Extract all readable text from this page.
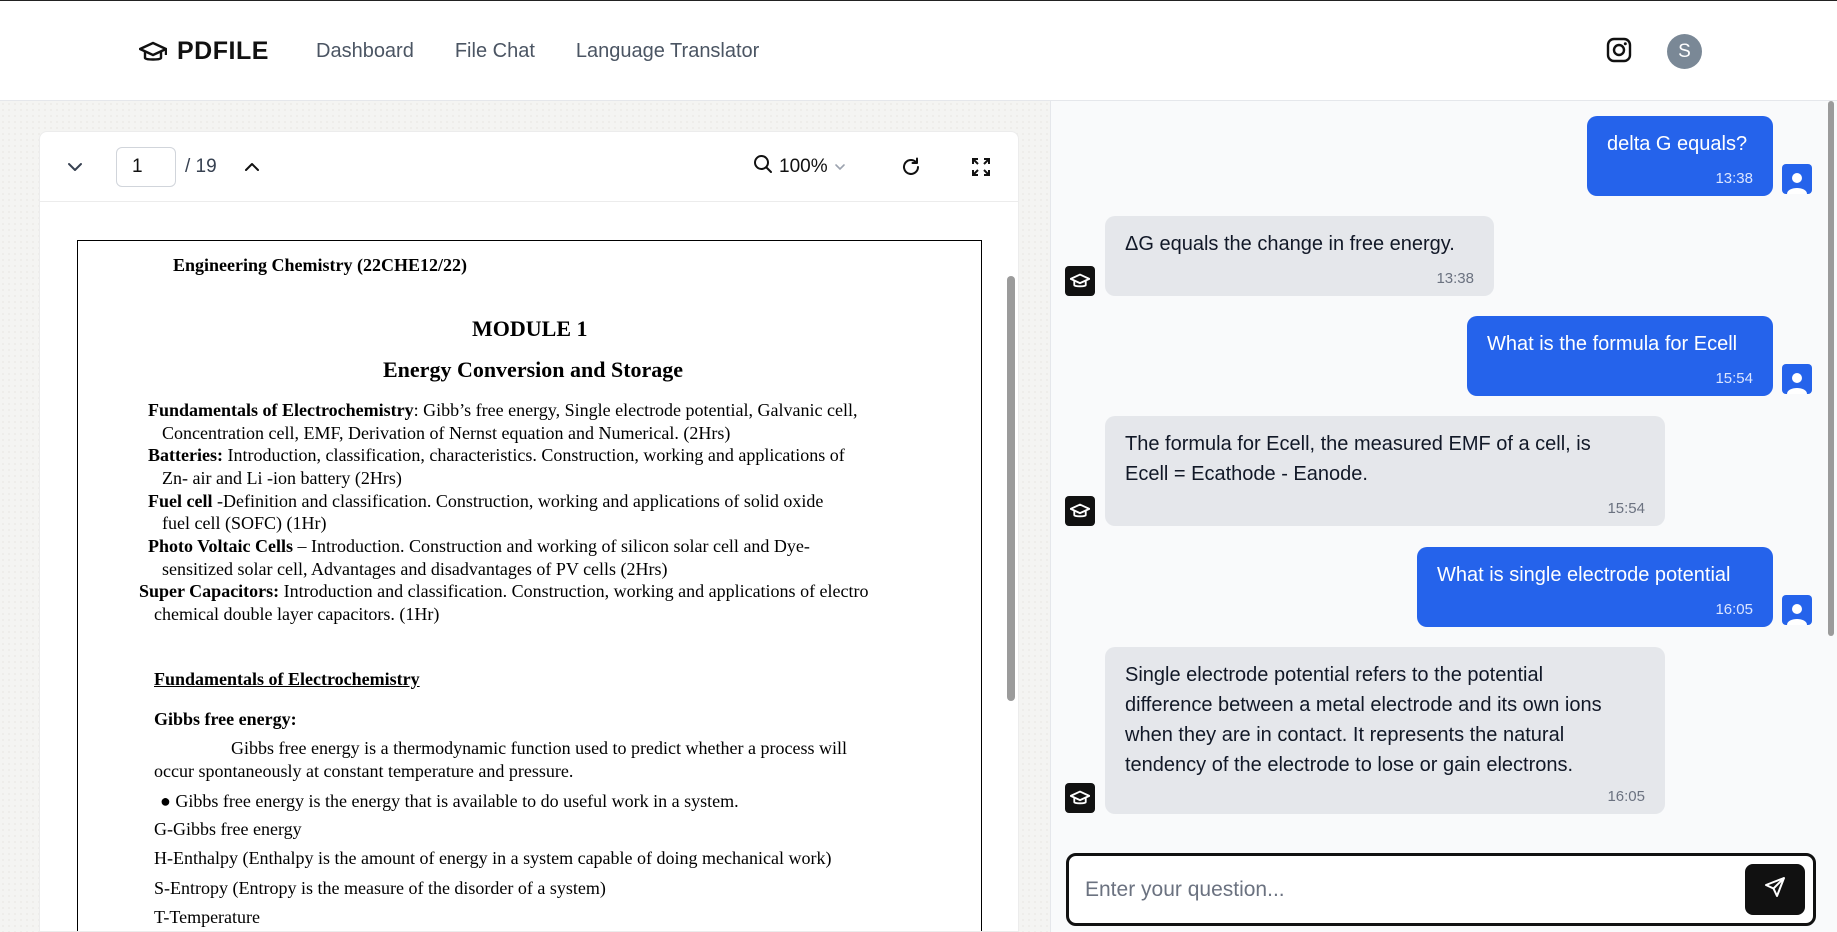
PDFILE Dashboard File Chat Language Translator	S
1
/ 19	100%
Engineering Chemistry (22CHE12/22)
MODULE 1
Energy Conversion and Storage
Fundamentals of Electrochemistry: Gibb’s free energy, Single electrode potential, Galvanic cell,
Concentration cell, EMF, Derivation of Nernst equation and Numerical. (2Hrs)
Batteries: Introduction, classification, characteristics. Construction, working and applications of
Zn- air and Li -ion battery (2Hrs)
Fuel cell -Definition and classification. Construction, working and applications of solid oxide
fuel cell (SOFC) (1Hr)
Photo Voltaic Cells – Introduction. Construction and working of silicon solar cell and Dye-
sensitized solar cell, Advantages and disadvantages of PV cells (2Hrs)
Super Capacitors: Introduction and classification. Construction, working and applications of electro
chemical double layer capacitors. (1Hr)
Fundamentals of Electrochemistry
Gibbs free energy:
Gibbs free energy is a thermodynamic function used to predict whether a process will
occur spontaneously at constant temperature and pressure.
● Gibbs free energy is the energy that is available to do useful work in a system.
G-Gibbs free energy
H-Enthalpy (Enthalpy is the amount of energy in a system capable of doing mechanical work)
S-Entropy (Entropy is the measure of the disorder of a system)
T-Temperature
delta G equals?
13:38
ΔG equals the change in free energy.
13:38
What is the formula for Ecell
15:54
The formula for Ecell, the measured EMF of a cell, is
Ecell = Ecathode - Eanode.
15:54
What is single electrode potential
16:05
Single electrode potential refers to the potential
difference between a metal electrode and its own ions
when they are in contact. It represents the natural
tendency of the electrode to lose or gain electrons.
16:05
Enter your question...
